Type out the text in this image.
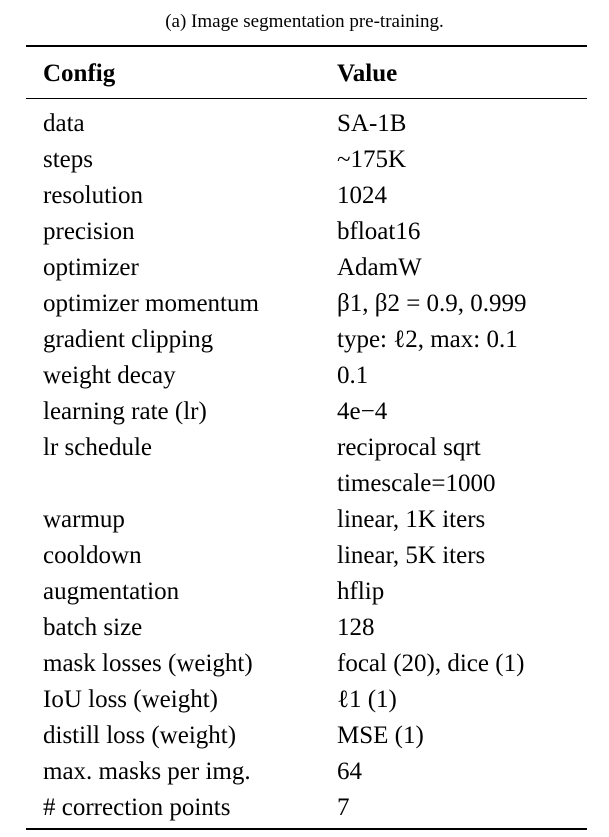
(a) Image segmentation pre-training.
Config	Value
data	SA-1B
steps	~175K
resolution	1024
precision	bfloat16
optimizer	AdamW
optimizer momentum	β1, β2 = 0.9, 0.999
gradient clipping	type: ℓ2, max: 0.1
weight decay	0.1
learning rate (lr)	4e−4
lr schedule	reciprocal sqrt
timescale=1000
warmup	linear, 1K iters
cooldown	linear, 5K iters
augmentation	hflip
batch size	128
mask losses (weight)	focal (20), dice (1)
IoU loss (weight)	ℓ1 (1)
distill loss (weight)	MSE (1)
max. masks per img.	64
# correction points	7
